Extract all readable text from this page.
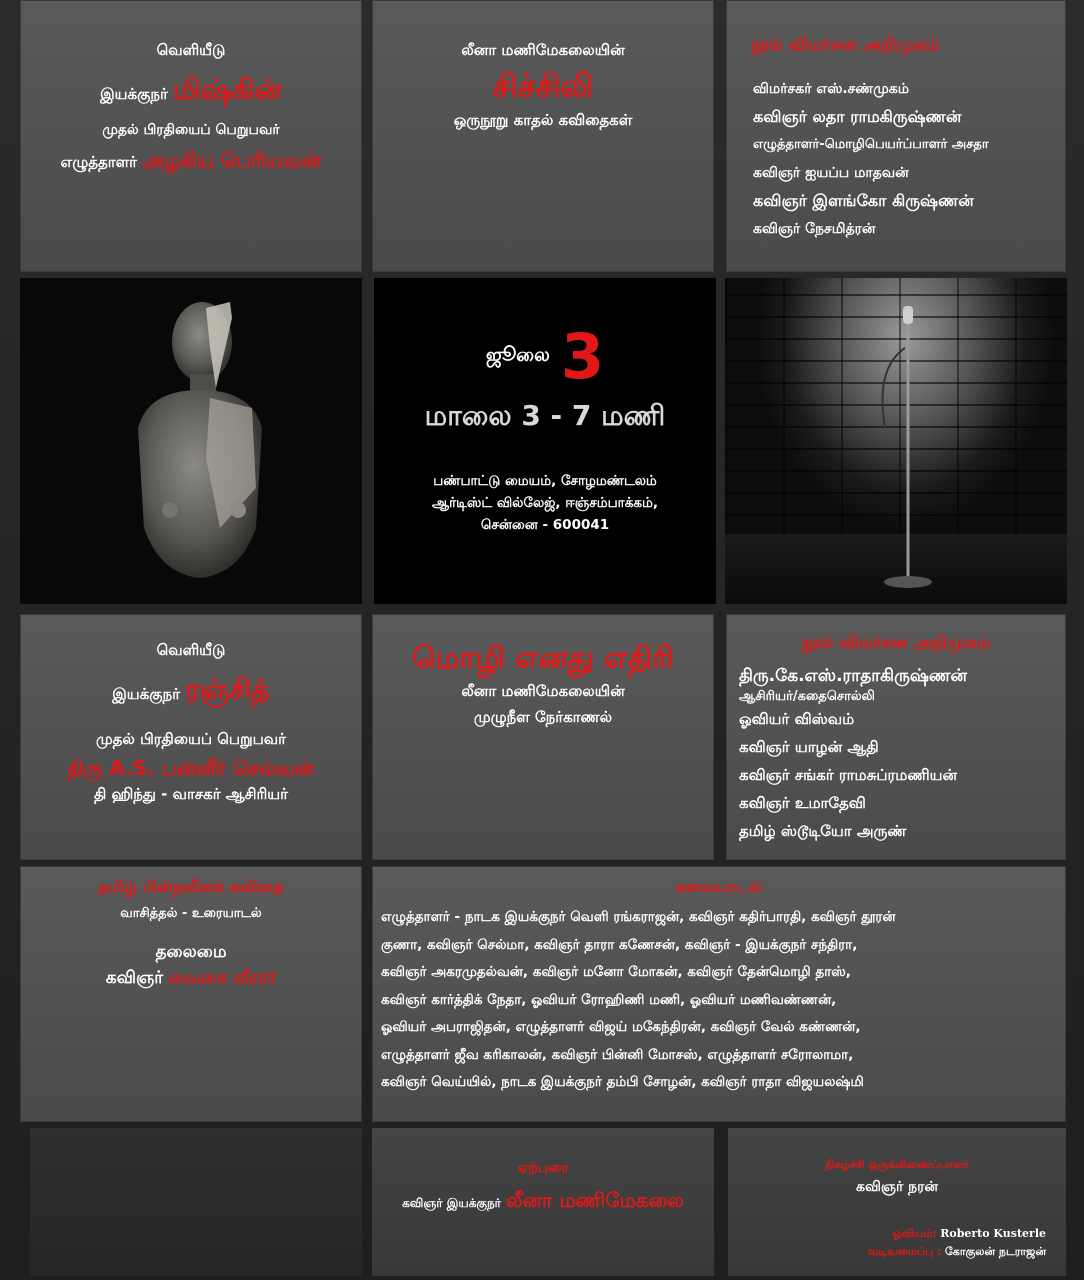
வெளியீடு
இயக்குநர் மிஷ்கின்
முதல் பிரதியைப் பெறுபவர்
எழுத்தாளர் அழகிய பெரியவன்
லீனா மணிமேகலையின்
சிச்சிலி
ஒருநூறு காதல் கவிதைகள்
நூல் விமர்சன அறிமுகம்
விமர்சகர் எஸ்.சண்முகம்
கவிஞர் லதா ராமகிருஷ்ணன்
எழுத்தாளர்-மொழிபெயர்ப்பாளர் அசதா
கவிஞர் ஐயப்ப மாதவன்
கவிஞர் இளங்கோ கிருஷ்ணன்
கவிஞர் நேசமித்ரன்
ஜூலை 3
மாலை 3 - 7 மணி
பண்பாட்டு மையம், சோழமண்டலம்
ஆர்டிஸ்ட் வில்லேஜ், ஈஞ்சம்பாக்கம்,
சென்னை - 600041
வெளியீடு
இயக்குநர் ரஞ்சித்
முதல் பிரதியைப் பெறுபவர்
திரு A.S. பன்னீர் செல்வன்
தி ஹிந்து - வாசகர் ஆசிரியர்
மொழி எனது எதிரி
லீனா மணிமேகலையின்
முழுநீள நேர்காணல்
நூல் விமர்சன அறிமுகம்
திரு.கே.எஸ்.ராதாகிருஷ்ணன்
ஆசிரியர்/கதைசொல்லி
ஓவியர் விஸ்வம்
கவிஞர் யாழன் ஆதி
கவிஞர் சங்கர் ராமசுப்ரமணியன்
கவிஞர் உமாதேவி
தமிழ் ஸ்டூடியோ அருண்
தமிழ் பின்நவீனக் கவிதை
வாசித்தல் - உரையாடல்
தலைமை
கவிஞர் வைகை வீரரர்
கலையாடல்
எழுத்தாளர் - நாடக இயக்குநர் வெளி ரங்கராஜன், கவிஞர் கதிர்பாரதி, கவிஞர் தூரன்
குணா, கவிஞர் செல்மா, கவிஞர் தாரா கணேசன், கவிஞர் - இயக்குநர் சந்திரா,
கவிஞர் அகரமுதல்வன், கவிஞர் மனோ மோகன், கவிஞர் தேன்மொழி தாஸ்,
கவிஞர் கார்த்திக் நேதா, ஓவியர் ரோஹிணி மணி, ஓவியர் மணிவண்ணன்,
ஓவியர் அபராஜிதன், எழுத்தாளர் விஜய் மகேந்திரன், கவிஞர் வேல் கண்ணன்,
எழுத்தாளர் ஜீவ கரிகாலன், கவிஞர் பின்னி மோசஸ், எழுத்தாளர் சரோலாமா,
கவிஞர் வெய்யில், நாடக இயக்குநர் தம்பி சோழன், கவிஞர் ராதா விஜயலஷ்மி
ஏற்புரை
கவிஞர் இயக்குநர் லீனா மணிமேகலை
நிகழ்ச்சி ஒருங்கிணைப்பாளர்
கவிஞர் நரன்
ஓவியம்: Roberto Kusterle
வடிவமைப்பு : கோகுலன் நடராஜன்
